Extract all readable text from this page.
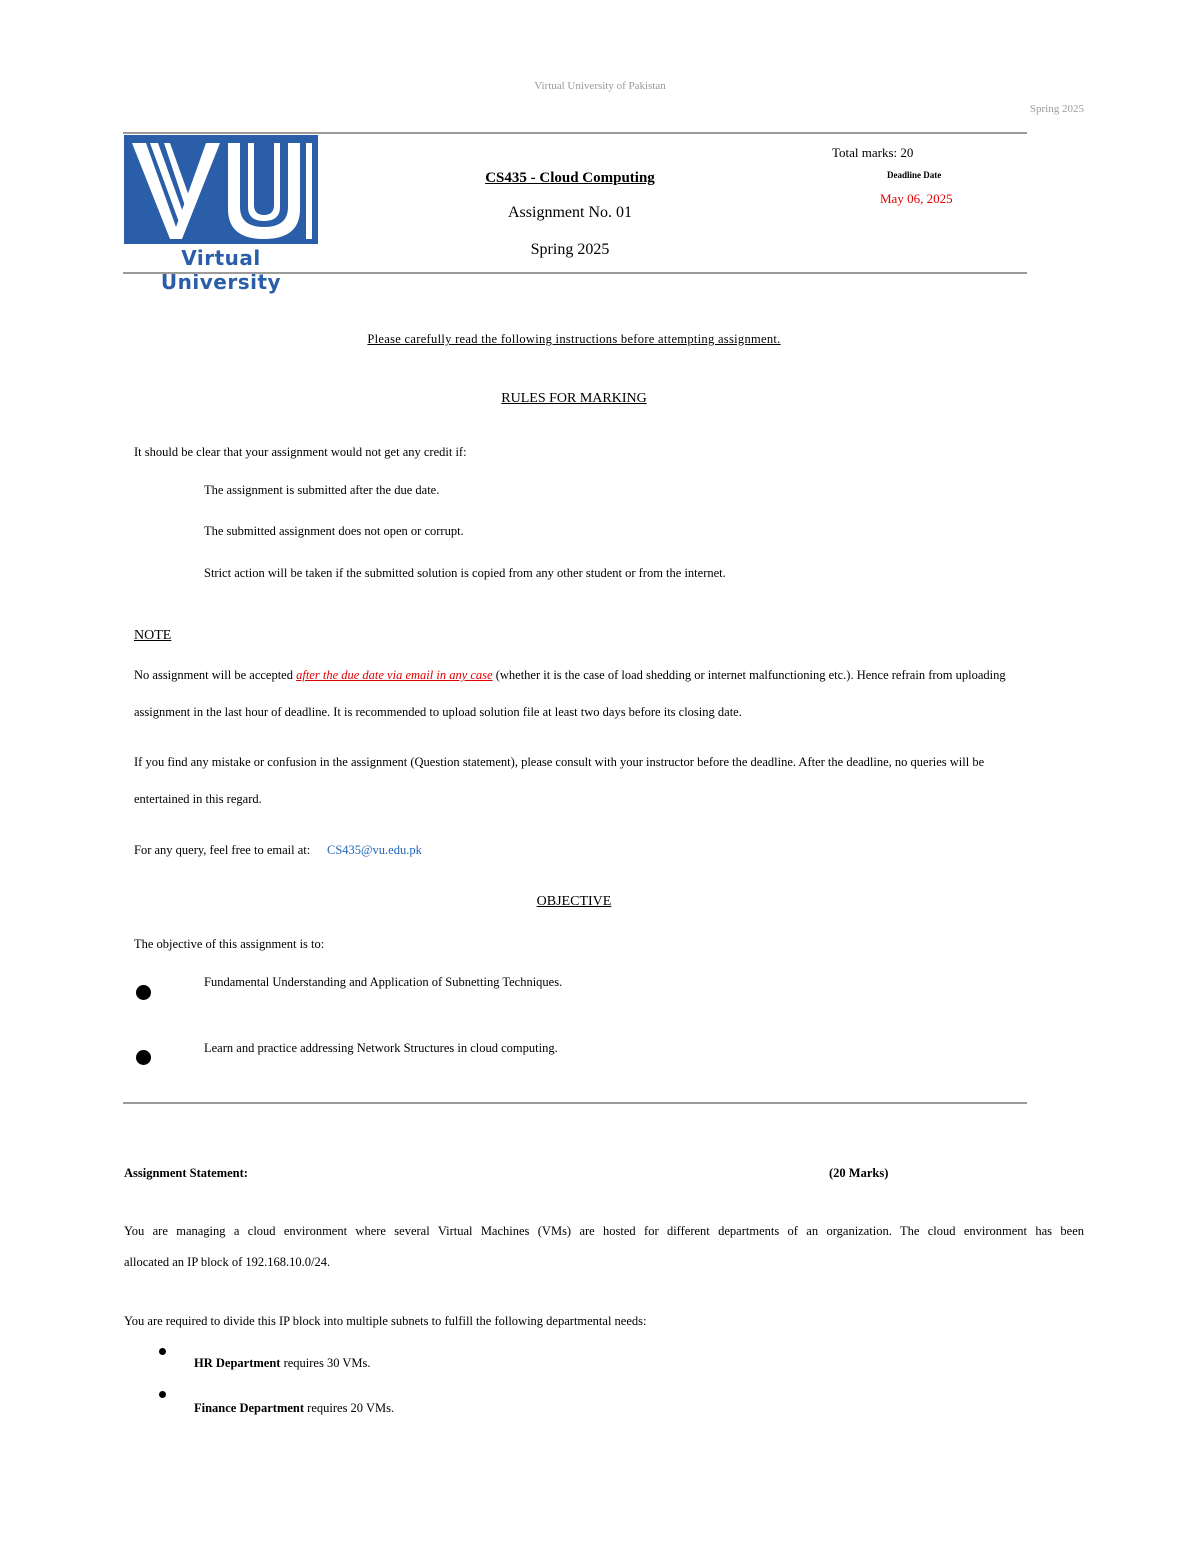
Virtual University of Pakistan
Spring 2025
Virtual University
CS435 - Cloud Computing
Assignment No. 01
Spring 2025
Total marks: 20
Deadline Date
May 06, 2025
Please carefully read the following instructions before attempting assignment.
RULES FOR MARKING
It should be clear that your assignment would not get any credit if:
The assignment is submitted after the due date.
The submitted assignment does not open or corrupt.
Strict action will be taken if the submitted solution is copied from any other student or from the internet.
NOTE
No assignment will be accepted after the due date via email in any case (whether it is the case of load shedding or internet malfunctioning etc.). Hence refrain from uploading
assignment in the last hour of deadline. It is recommended to upload solution file at least two days before its closing date.
If you find any mistake or confusion in the assignment (Question statement), please consult with your instructor before the deadline. After the deadline, no queries will be
entertained in this regard.
For any query, feel free to email at: CS435@vu.edu.pk
OBJECTIVE
The objective of this assignment is to:
Fundamental Understanding and Application of Subnetting Techniques.
Learn and practice addressing Network Structures in cloud computing.
Assignment Statement:	(20 Marks)
You are managing a cloud environment where several Virtual Machines (VMs) are hosted for different departments of an organization. The cloud environment has been
allocated an IP block of 192.168.10.0/24.
You are required to divide this IP block into multiple subnets to fulfill the following departmental needs:
HR Department requires 30 VMs.
Finance Department requires 20 VMs.
